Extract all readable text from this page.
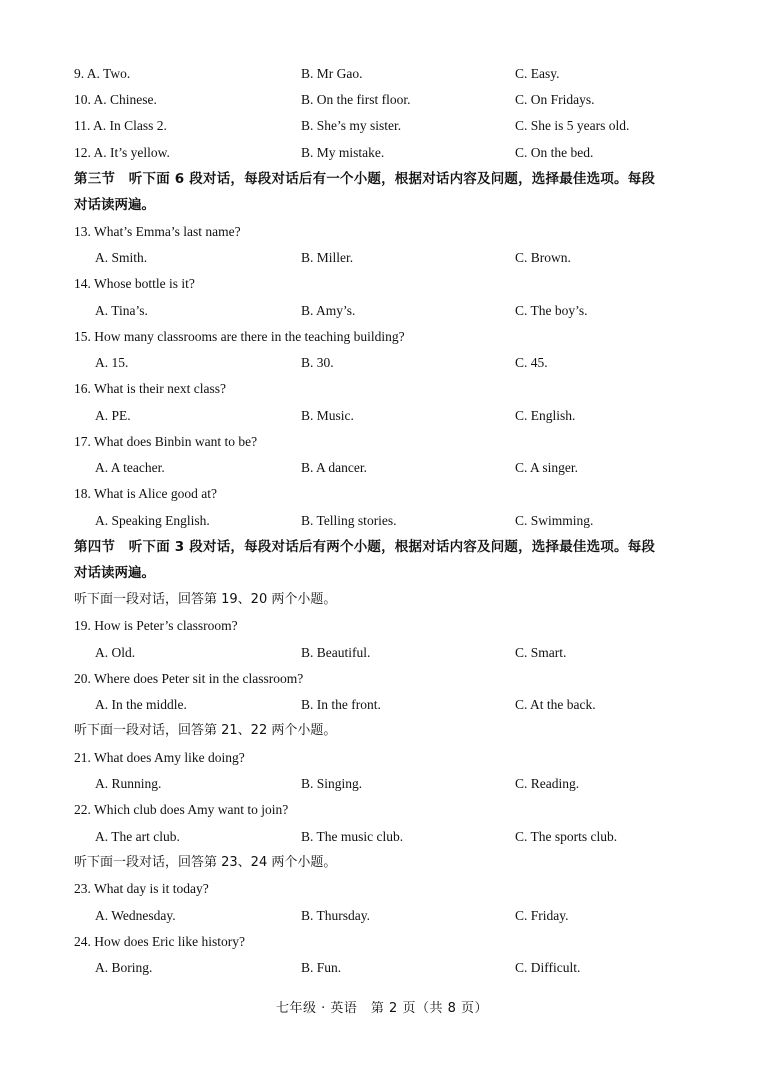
9. A. Two.	B. Mr Gao.	C. Easy.
10. A. Chinese.	B. On the first floor.	C. On Fridays.
11. A. In Class 2.	B. She’s my sister.	C. She is 5 years old.
12. A. It’s yellow.	B. My mistake.	C. On the bed.
第三节　听下面 6 段对话，每段对话后有一个小题，根据对话内容及问题，选择最佳选项。每段
对话读两遍。
13. What’s Emma’s last name?
A. Smith.	B. Miller.	C. Brown.
14. Whose bottle is it?
A. Tina’s.	B. Amy’s.	C. The boy’s.
15. How many classrooms are there in the teaching building?
A. 15.	B. 30.	C. 45.
16. What is their next class?
A. PE.	B. Music.	C. English.
17. What does Binbin want to be?
A. A teacher.	B. A dancer.	C. A singer.
18. What is Alice good at?
A. Speaking English.	B. Telling stories.	C. Swimming.
第四节　听下面 3 段对话，每段对话后有两个小题，根据对话内容及问题，选择最佳选项。每段
对话读两遍。
听下面一段对话，回答第 19、20 两个小题。
19. How is Peter’s classroom?
A. Old.	B. Beautiful.	C. Smart.
20. Where does Peter sit in the classroom?
A. In the middle.	B. In the front.	C. At the back.
听下面一段对话，回答第 21、22 两个小题。
21. What does Amy like doing?
A. Running.	B. Singing.	C. Reading.
22. Which club does Amy want to join?
A. The art club.	B. The music club.	C. The sports club.
听下面一段对话，回答第 23、24 两个小题。
23. What day is it today?
A. Wednesday.	B. Thursday.	C. Friday.
24. How does Eric like history?
A. Boring.	B. Fun.	C. Difficult.
七年级 · 英语　第 2 页（共 8 页）
